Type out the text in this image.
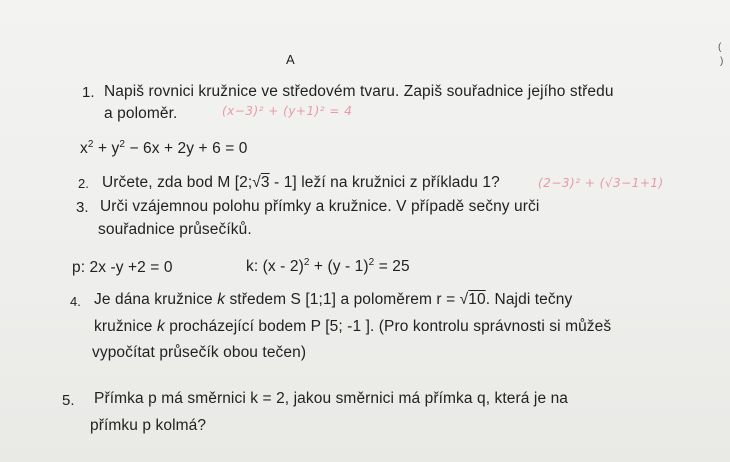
A
(
)
1. Napiš rovnici kružnice ve středovém tvaru. Zapiš souřadnice jejího středu
a poloměr.	(x−3)² + (y+1)² = 4
$x^2 + y^2 - 6x + 2y + 6 = 0$
2. Určete, zda bod M [2;√3 - 1] leží na kružnici z příkladu 1?	(2−3)² + (√3−1+1)
3. Urči vzájemnou polohu přímky a kružnice. V případě sečny urči
souřadnice průsečíků.
p: 2x -y +2 = 0	k: (x - 2)$^2$ + (y - 1)$^2$ = 25
4. Je dána kružnice k středem S [1;1] a poloměrem r = √10. Najdi tečny
kružnice k procházející bodem P [5; -1 ]. (Pro kontrolu správnosti si můžeš
vypočítat průsečík obou tečen)
5. Přímka p má směrnici k = 2, jakou směrnici má přímka q, která je na
přímku p kolmá?
